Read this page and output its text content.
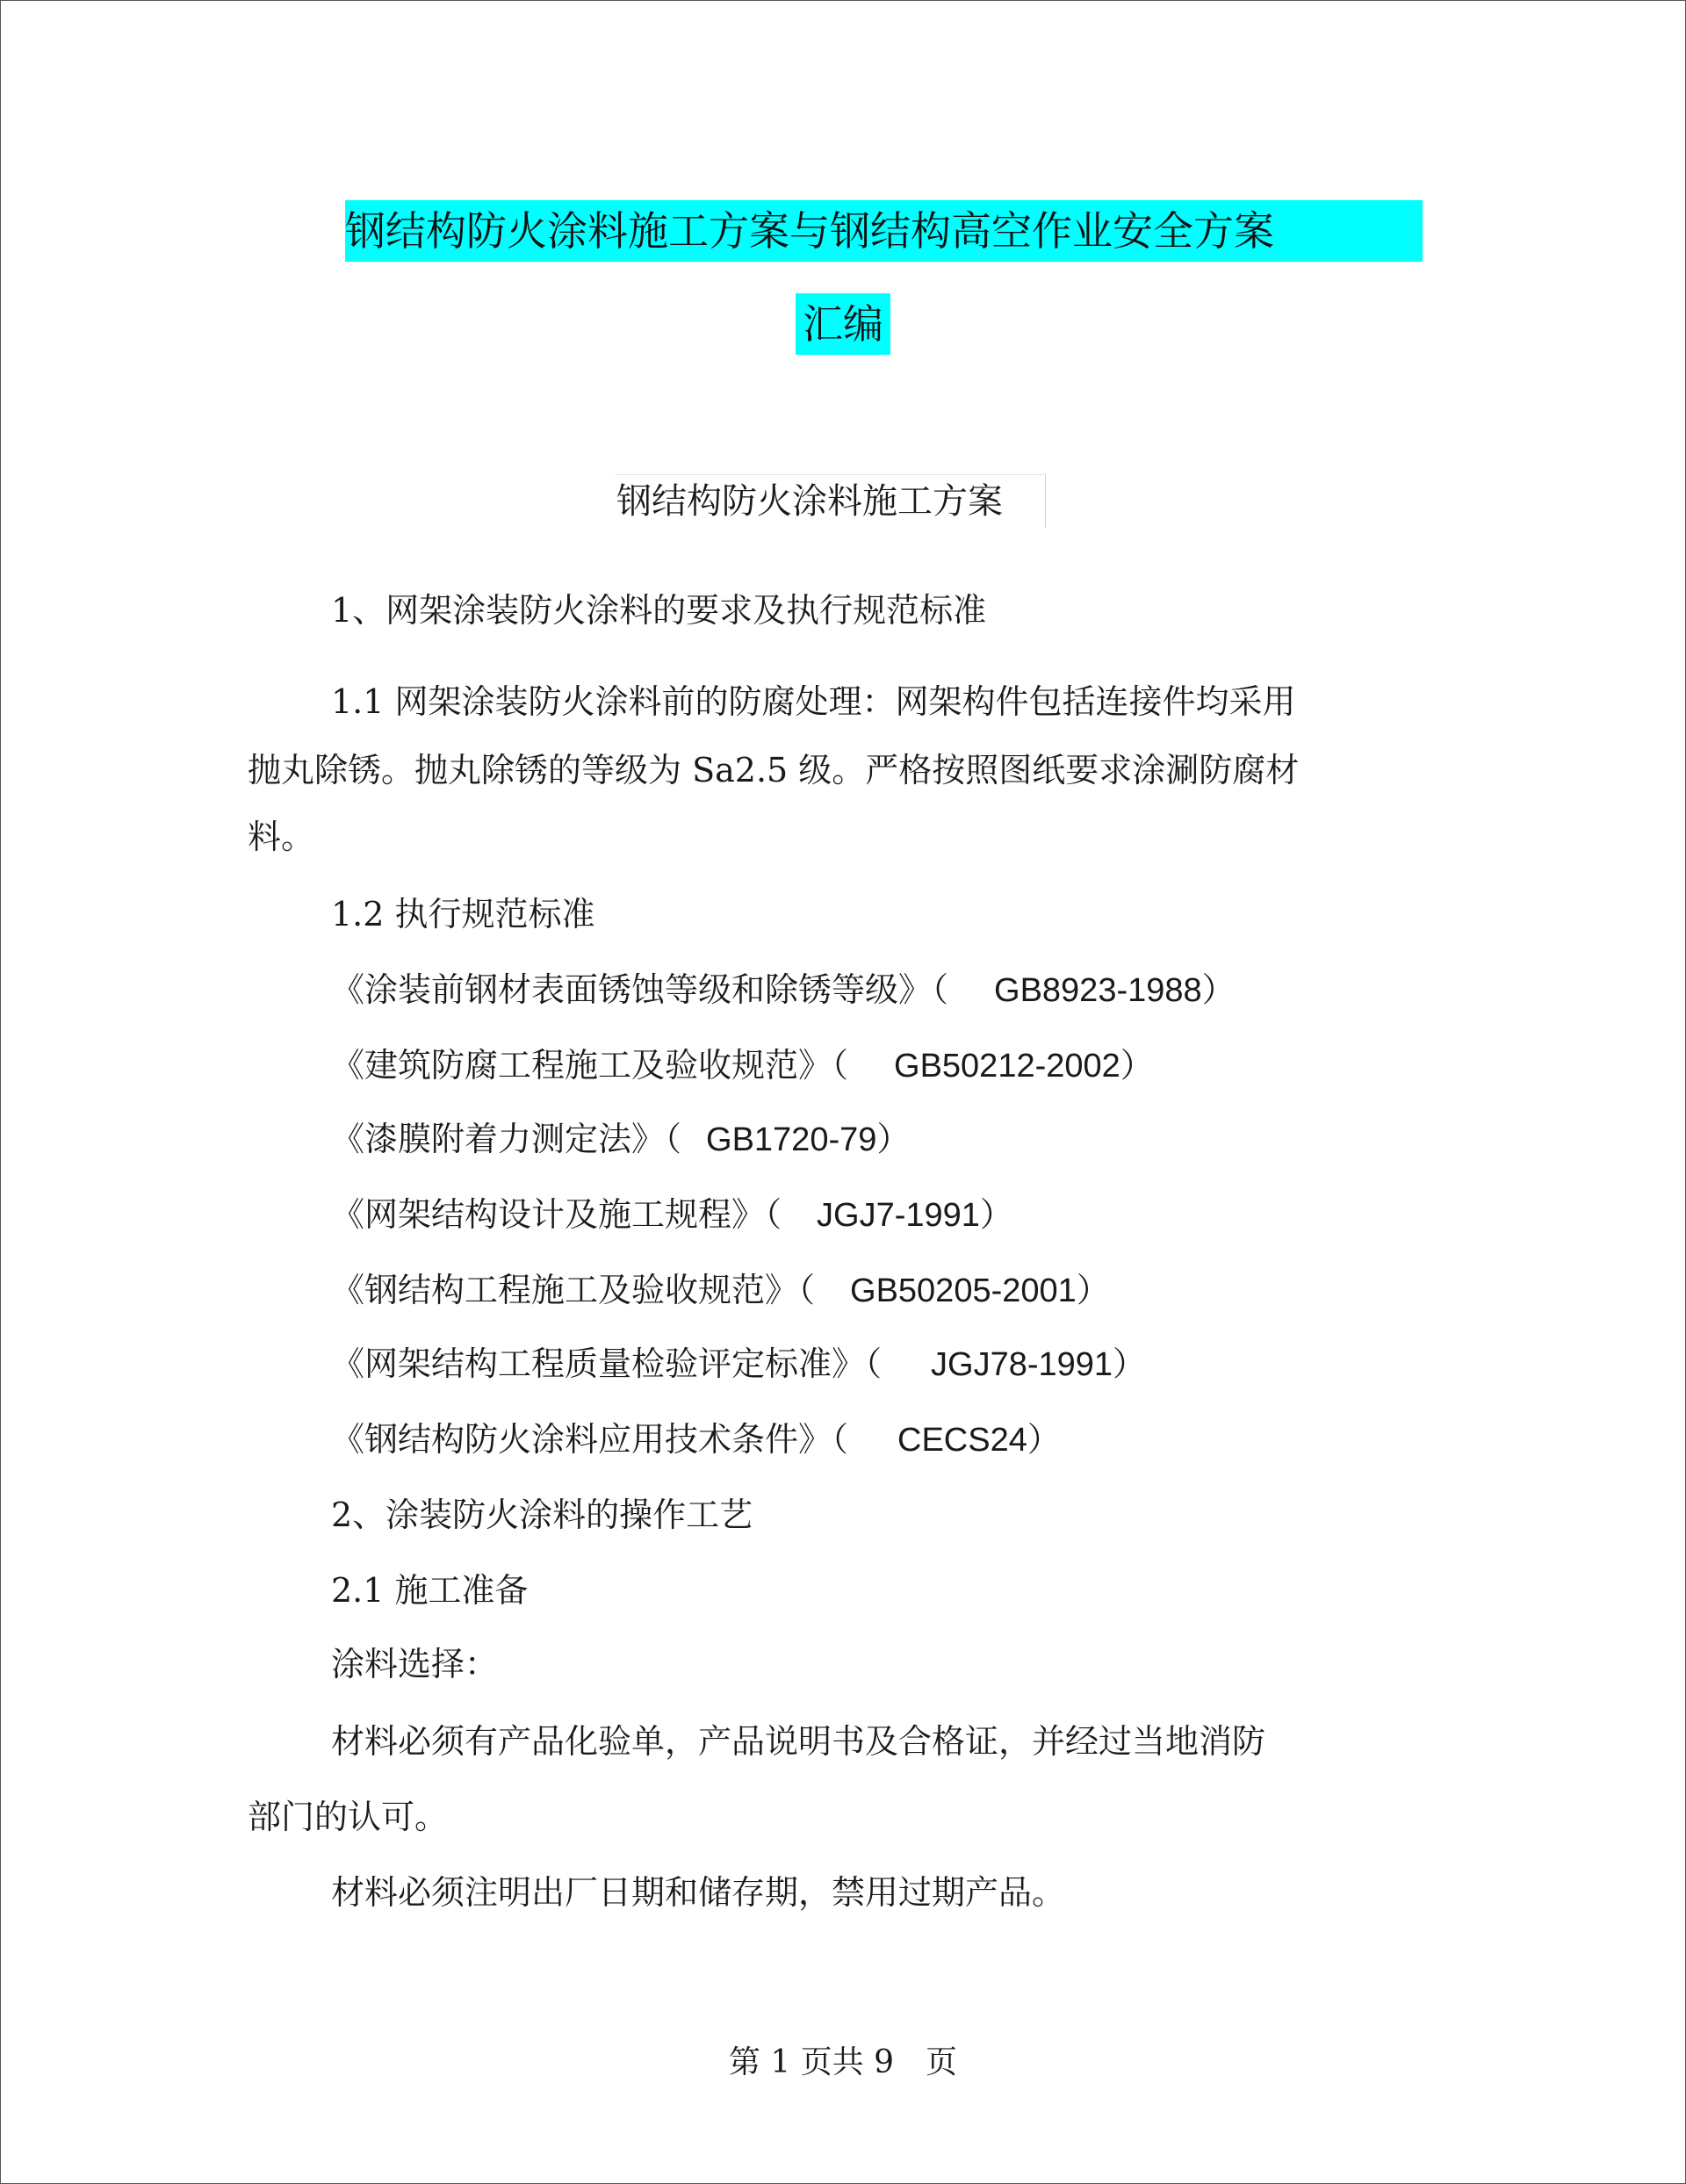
钢结构防火涂料施工方案与钢结构高空作业安全方案
汇编
钢结构防火涂料施工方案
1、网架涂装防火涂料的要求及执行规范标准
1.1 网架涂装防火涂料前的防腐处理：网架构件包括连接件均采用
抛丸除锈。抛丸除锈的等级为 Sa2.5 级。严格按照图纸要求涂涮防腐材
料。
1.2 执行规范标准
《涂装前钢材表面锈蚀等级和除锈等级》（ GB8923-1988）
《建筑防腐工程施工及验收规范》（ GB50212-2002）
《漆膜附着力测定法》（ GB1720-79）
《网架结构设计及施工规程》（ JGJ7-1991）
《钢结构工程施工及验收规范》（ GB50205-2001）
《网架结构工程质量检验评定标准》（ JGJ78-1991）
《钢结构防火涂料应用技术条件》（ CECS24）
2、涂装防火涂料的操作工艺
2.1 施工准备
涂料选择：
材料必须有产品化验单，产品说明书及合格证，并经过当地消防
部门的认可。
材料必须注明出厂日期和储存期，禁用过期产品。
第 1 页共 9　页
